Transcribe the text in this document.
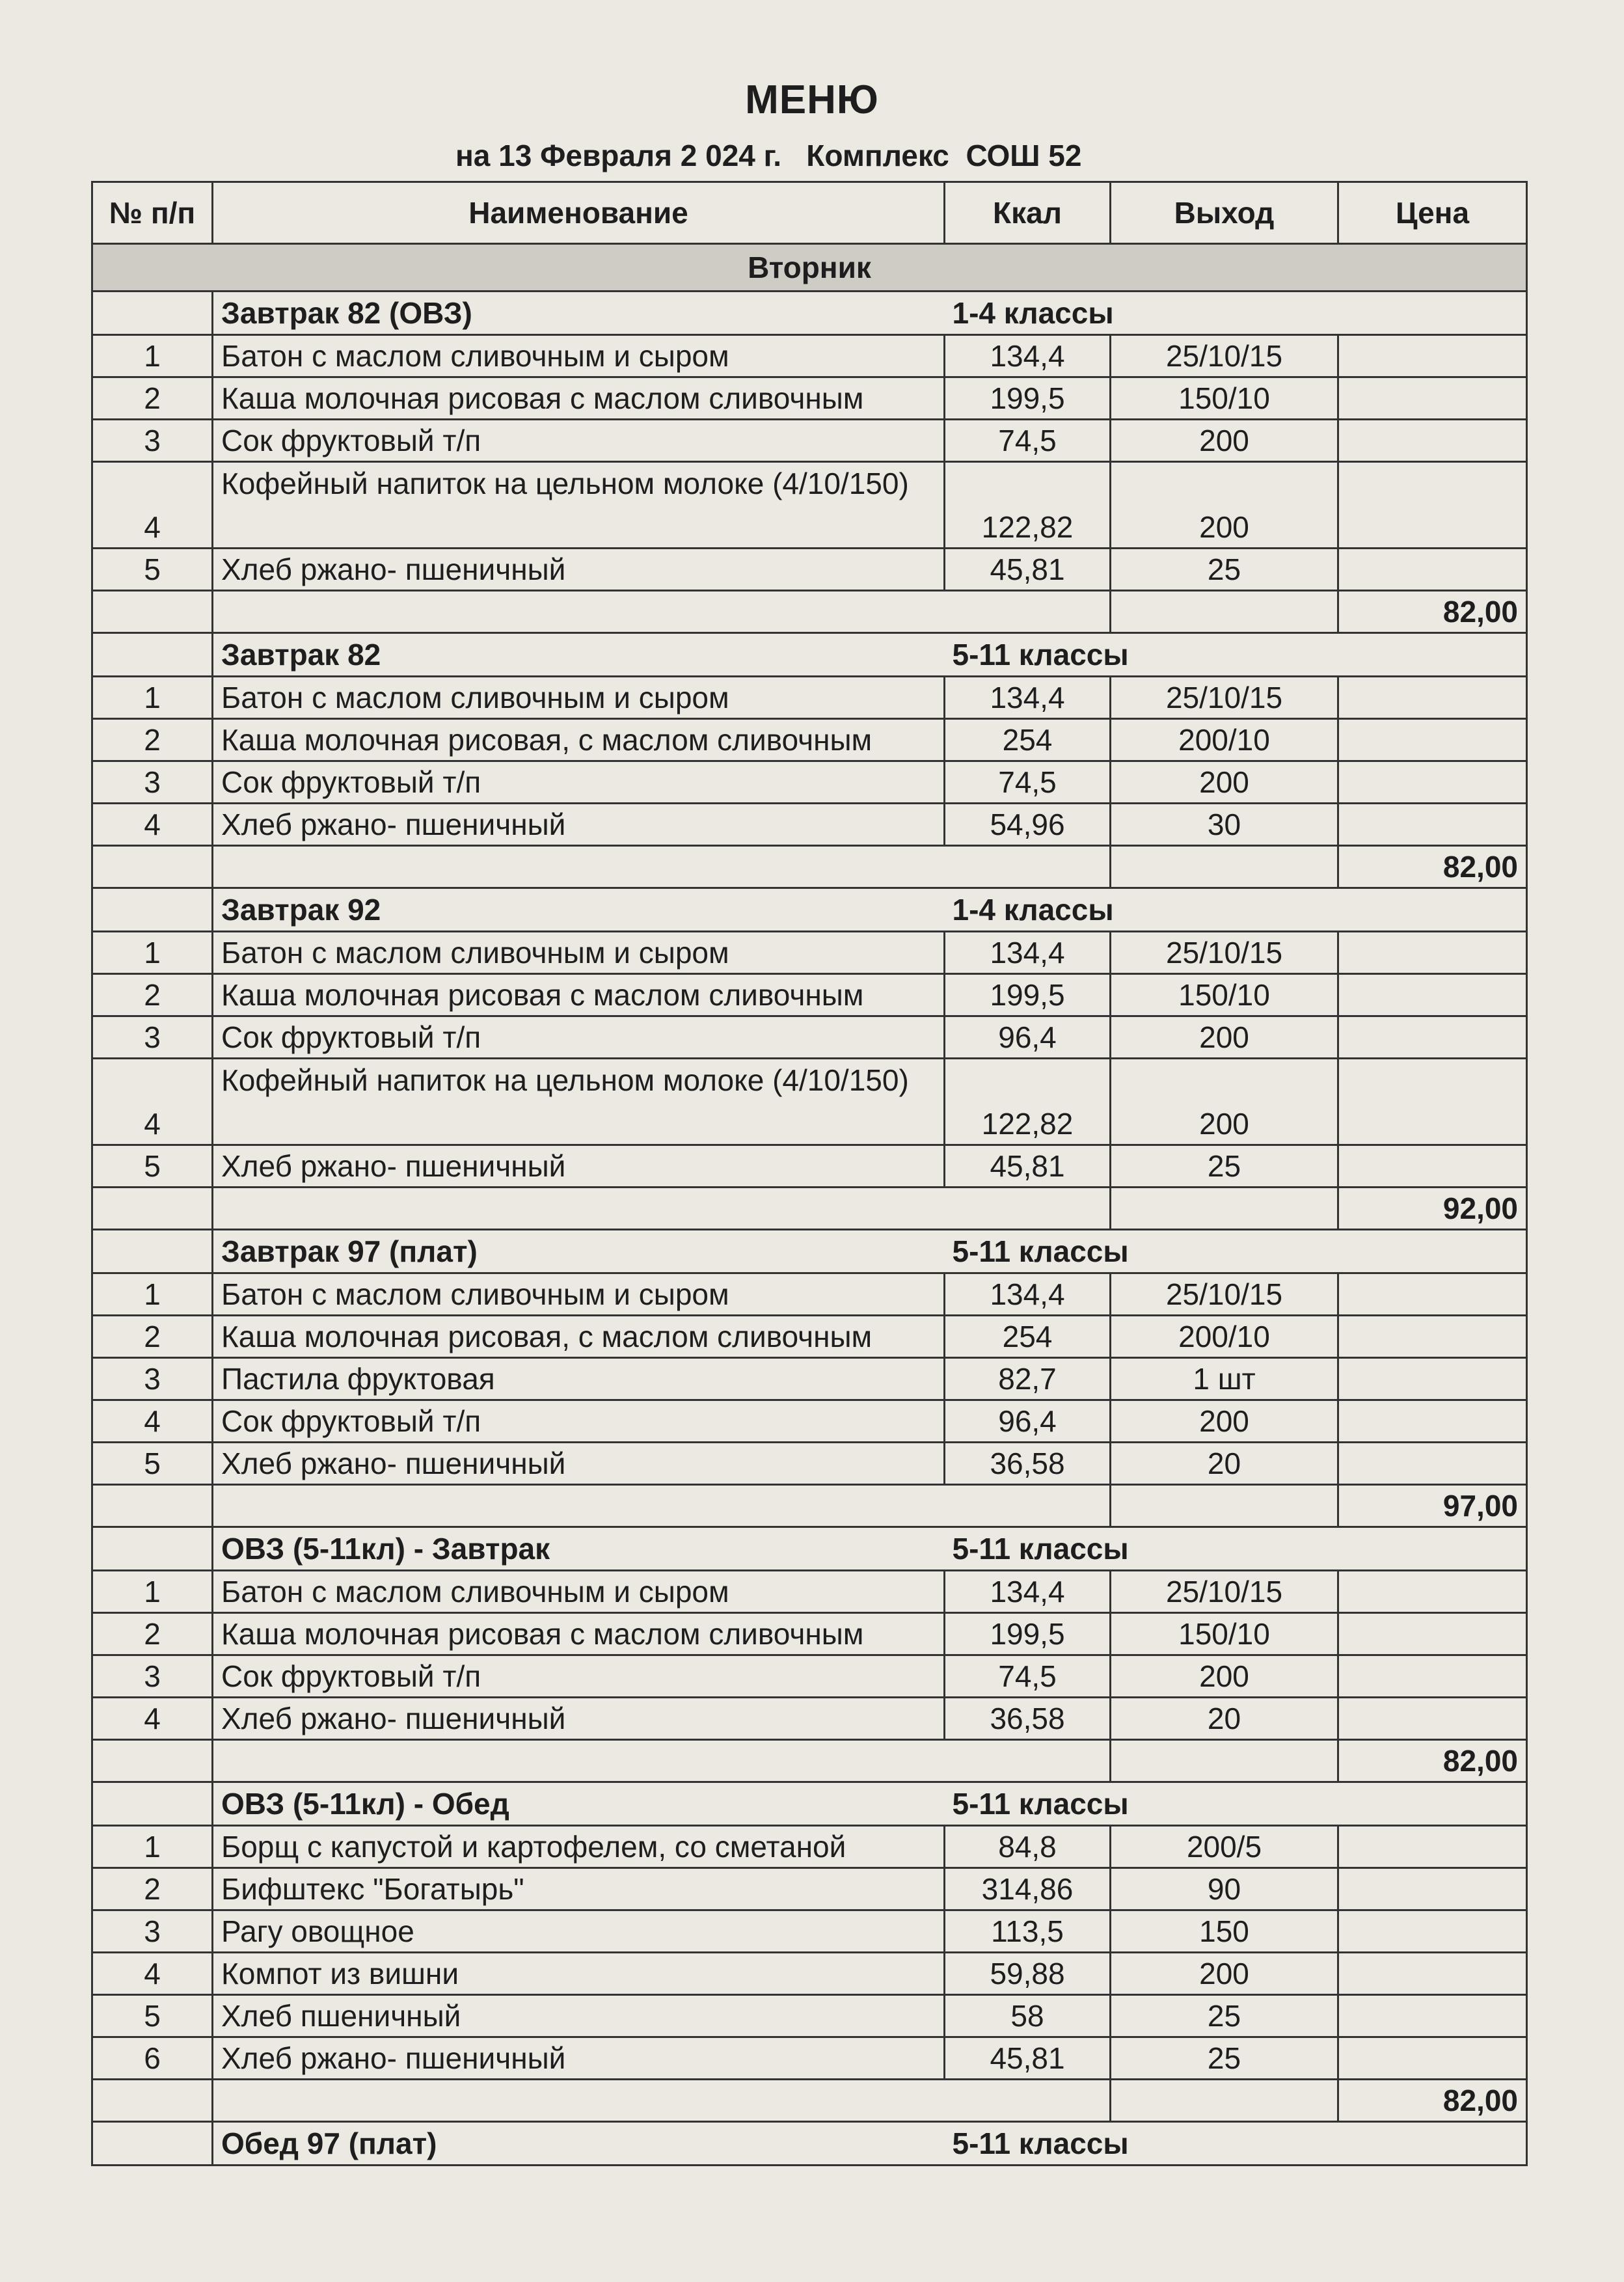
МЕНЮ
на 13 Февраля 2 024 г.   Комплекс  СОШ 52
№ п/п	Наименование	Ккал	Выход	Цена
Вторник				
	Завтрак 82 (ОВЗ)	1-4 классы		
1	Батон с маслом сливочным и сыром	134,4	25/10/15	
2	Каша молочная рисовая с маслом сливочным	199,5	150/10	
3	Сок фруктовый т/п	74,5	200	
4	Кофейный напиток на цельном молоке (4/10/150)	122,82	200	
5	Хлеб ржано- пшеничный	45,81	25	
				82,00
	Завтрак 82	5-11 классы		
1	Батон с маслом сливочным и сыром	134,4	25/10/15	
2	Каша молочная рисовая, с маслом сливочным	254	200/10	
3	Сок фруктовый т/п	74,5	200	
4	Хлеб ржано- пшеничный	54,96	30	
				82,00
	Завтрак 92	1-4 классы		
1	Батон с маслом сливочным и сыром	134,4	25/10/15	
2	Каша молочная рисовая с маслом сливочным	199,5	150/10	
3	Сок фруктовый т/п	96,4	200	
4	Кофейный напиток на цельном молоке (4/10/150)	122,82	200	
5	Хлеб ржано- пшеничный	45,81	25	
				92,00
	Завтрак 97 (плат)	5-11 классы		
1	Батон с маслом сливочным и сыром	134,4	25/10/15	
2	Каша молочная рисовая, с маслом сливочным	254	200/10	
3	Пастила фруктовая	82,7	1 шт	
4	Сок фруктовый т/п	96,4	200	
5	Хлеб ржано- пшеничный	36,58	20	
				97,00
	ОВЗ (5-11кл) - Завтрак	5-11 классы		
1	Батон с маслом сливочным и сыром	134,4	25/10/15	
2	Каша молочная рисовая с маслом сливочным	199,5	150/10	
3	Сок фруктовый т/п	74,5	200	
4	Хлеб ржано- пшеничный	36,58	20	
				82,00
	ОВЗ (5-11кл) - Обед	5-11 классы		
1	Борщ с капустой и картофелем, со сметаной	84,8	200/5	
2	Бифштекс "Богатырь"	314,86	90	
3	Рагу овощное	113,5	150	
4	Компот из вишни	59,88	200	
5	Хлеб пшеничный	58	25	
6	Хлеб ржано- пшеничный	45,81	25	
				82,00
	Обед 97 (плат)	5-11 классы		
